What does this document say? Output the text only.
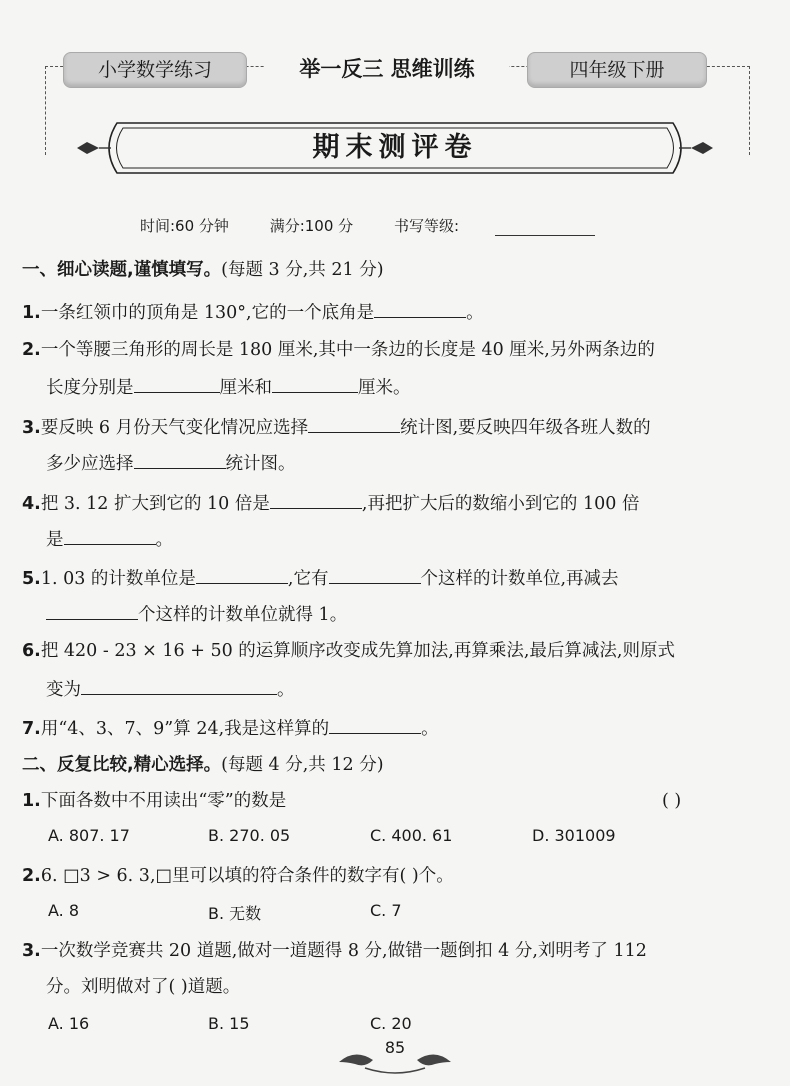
小学数学练习	举一反三 思维训练	四年级下册
期末测评卷
时间:60 分钟	满分:100 分	书写等级:
一、细心读题,谨慎填写。(每题 3 分,共 21 分)
1.一条红领巾的顶角是 130°,它的一个底角是	。
2.一个等腰三角形的周长是 180 厘米,其中一条边的长度是 40 厘米,另外两条边的
长度分别是	厘米和	厘米。
3.要反映 6 月份天气变化情况应选择	统计图,要反映四年级各班人数的
多少应选择	统计图。
4.把 3. 12 扩大到它的 10 倍是	,再把扩大后的数缩小到它的 100 倍
是	。
5.1. 03 的计数单位是	,它有	个这样的计数单位,再减去
个这样的计数单位就得 1。
6.把 420 - 23 × 16 + 50 的运算顺序改变成先算加法,再算乘法,最后算减法,则原式
变为	。
7.用“4、3、7、9”算 24,我是这样算的	。
二、反复比较,精心选择。(每题 4 分,共 12 分)
1.下面各数中不用读出“零”的数是	( )
A. 807. 17	B. 270. 05	C. 400. 61	D. 301009
2.6. □3 > 6. 3,□里可以填的符合条件的数字有( )个。
A. 8	B. 无数	C. 7
3.一次数学竞赛共 20 道题,做对一道题得 8 分,做错一题倒扣 4 分,刘明考了 112
分。刘明做对了( )道题。
A. 16	B. 15	C. 20
85
